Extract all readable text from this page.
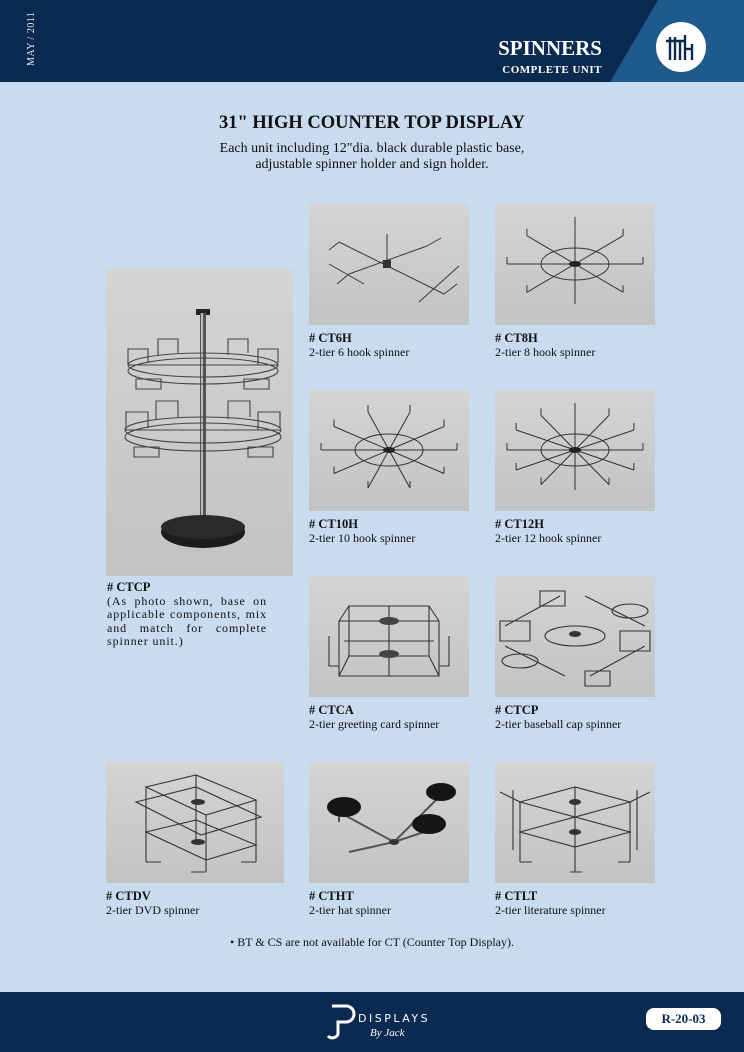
MAY / 2011	SPINNERS
COMPLETE UNIT
31" HIGH COUNTER TOP DISPLAY
Each unit including 12"dia. black durable plastic base,
adjustable spinner holder and sign holder.
# CTCP
(As photo shown, base on applicable components, mix and match for complete spinner unit.)
# CT6H
2-tier 6 hook spinner
# CT8H
2-tier 8 hook spinner
# CT10H
2-tier 10 hook spinner
# CT12H
2-tier 12 hook spinner
# CTCA
2-tier greeting card spinner
# CTCP
2-tier baseball cap spinner
# CTDV
2-tier DVD spinner
# CTHT
2-tier hat spinner
# CTLT
2-tier literature spinner
• BT & CS are not available for CT (Counter Top Display).
DISPLAYS
By Jack
R-20-03
